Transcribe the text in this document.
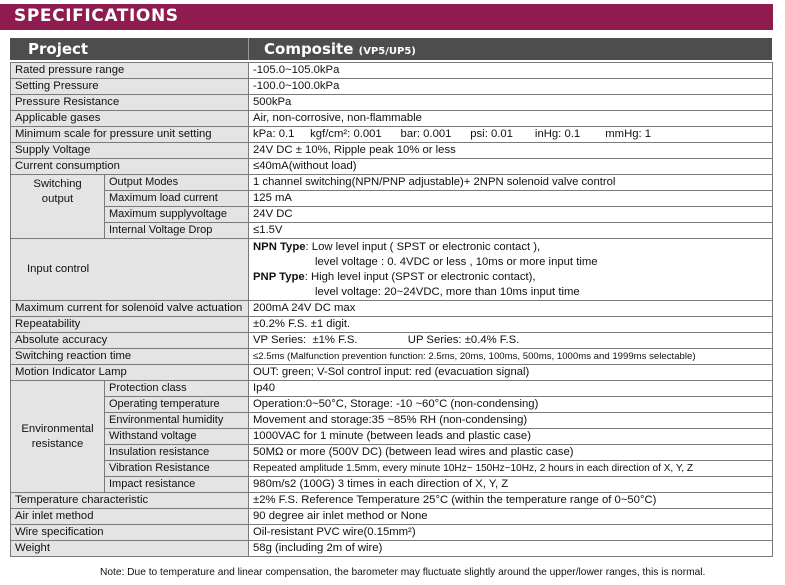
SPECIFICATIONS
Project	Composite (VP5/UP5)
Rated pressure range		-105.0~105.0kPa
Setting Pressure		-100.0~100.0kPa
Pressure Resistance		500kPa
Applicable gases		Air, non-corrosive, non-flammable
Minimum scale for pressure unit setting		kPa: 0.1     kgf/cm²: 0.001      bar: 0.001      psi: 0.01       inHg: 0.1        mmHg: 1
Supply Voltage		24V DC ± 10%, Ripple peak 10% or less
Current consumption		≤40mA(without load)

Switching
output	Output Modes	1 channel switching(NPN/PNP adjustable)+ 2NPN solenoid valve control
	Maximum load current	125 mA
	Maximum supplyvoltage	24V DC
	Internal Voltage Drop	≤1.5V
Input control		NPN Type: Low level input ( SPST or electronic contact ),
level voltage : 0. 4VDC or less , 10ms or more input time
PNP Type: High level input (SPST or electronic contact),
level voltage: 20~24VDC, more than 10ms input time

Maximum current for solenoid valve actuation		200mA 24V DC max
Repeatability		±0.2% F.S. ±1 digit.
Absolute accuracy		VP Series:  ±1% F.S.                UP Series: ±0.4% F.S.
Switching reaction time		≤2.5ms (Malfunction prevention function: 2.5ms, 20ms, 100ms, 500ms, 1000ms and 1999ms selectable)
Motion Indicator Lamp		OUT: green; V-Sol control input: red (evacuation signal)

Environmental
resistance	Protection class	Ip40
	Operating temperature	Operation:0~50°C, Storage: -10 ~60°C (non-condensing)
	Environmental humidity	Movement and storage:35 ~85% RH (non-condensing)
	Withstand voltage	1000VAC for 1 minute (between leads and plastic case)
	Insulation resistance	50MΩ or more (500V DC) (between lead wires and plastic case)
	Vibration Resistance	Repeated amplitude 1.5mm, every minute 10Hz~ 150Hz~10Hz, 2 hours in each direction of X, Y, Z
	Impact resistance	980m/s2 (100G) 3 times in each direction of X, Y, Z
Temperature characteristic		±2% F.S. Reference Temperature 25°C (within the temperature range of 0~50°C)
Air inlet method		90 degree air inlet method or None
Wire specification		Oil-resistant PVC wire(0.15mm²)
Weight		58g (including 2m of wire)
Note: Due to temperature and linear compensation, the barometer may fluctuate slightly around the upper/lower ranges, this is normal.
